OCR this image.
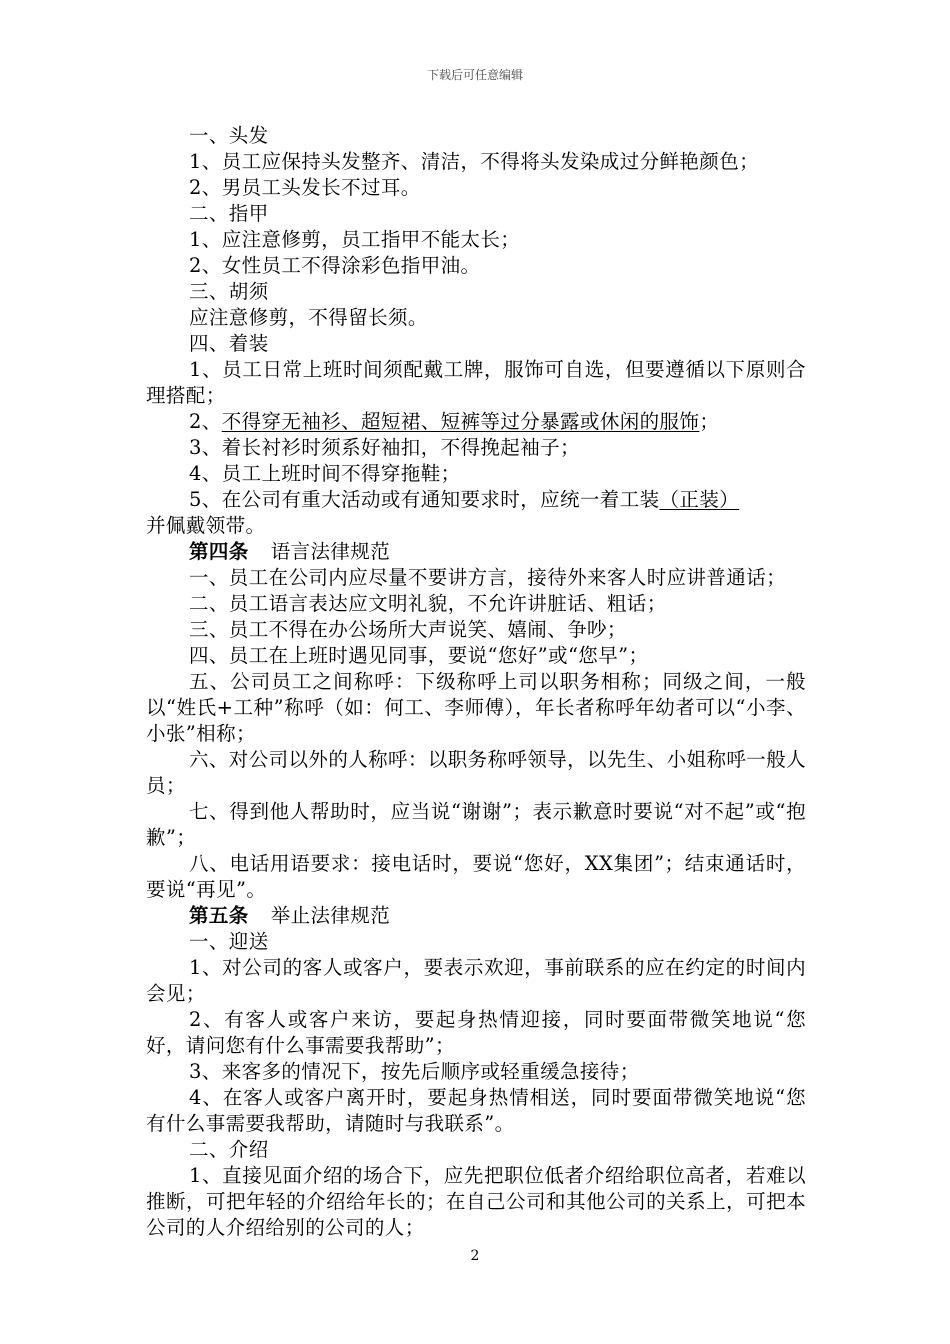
下载后可任意编辑

一、头发

1、员工应保持头发整齐、清洁，不得将头发染成过分鲜艳颜色；

2、男员工头发长不过耳。

二、指甲

1、应注意修剪，员工指甲不能太长；

2、女性员工不得涂彩色指甲油。

三、胡须

应注意修剪，不得留长须。

四、着装

1、员工日常上班时间须配戴工牌，服饰可自选，但要遵循以下原则合理搭配；

2、不得穿无袖衫、超短裙、短裤等过分暴露或休闲的服饰；

3、着长衬衫时须系好袖扣，不得挽起袖子；

4、员工上班时间不得穿拖鞋；

5、在公司有重大活动或有通知要求时，应统一着工装（正装）

并佩戴领带。

第四条 语言法律规范

一、员工在公司内应尽量不要讲方言，接待外来客人时应讲普通话；

二、员工语言表达应文明礼貌，不允许讲脏话、粗话；

三、员工不得在办公场所大声说笑、嬉闹、争吵；

四、员工在上班时遇见同事，要说“您好”或“您早”；

五、公司员工之间称呼：下级称呼上司以职务相称；同级之间，一般以“姓氏+工种”称呼（如：何工、李师傅），年长者称呼年幼者可以“小李、小张”相称；

六、对公司以外的人称呼：以职务称呼领导，以先生、小姐称呼一般人员；

七、得到他人帮助时，应当说“谢谢”；表示歉意时要说“对不起”或“抱歉”；

八、电话用语要求：接电话时，要说“您好，XX集团”；结束通话时，要说“再见”。

第五条 举止法律规范

一、迎送

1、对公司的客人或客户，要表示欢迎，事前联系的应在约定的时间内会见；

2、有客人或客户来访，要起身热情迎接，同时要面带微笑地说“您好，请问您有什么事需要我帮助”；

3、来客多的情况下，按先后顺序或轻重缓急接待；

4、在客人或客户离开时，要起身热情相送，同时要面带微笑地说“您有什么事需要我帮助，请随时与我联系”。

二、介绍

1、直接见面介绍的场合下，应先把职位低者介绍给职位高者，若难以推断，可把年轻的介绍给年长的；在自己公司和其他公司的关系上，可把本公司的人介绍给别的公司的人；

2
